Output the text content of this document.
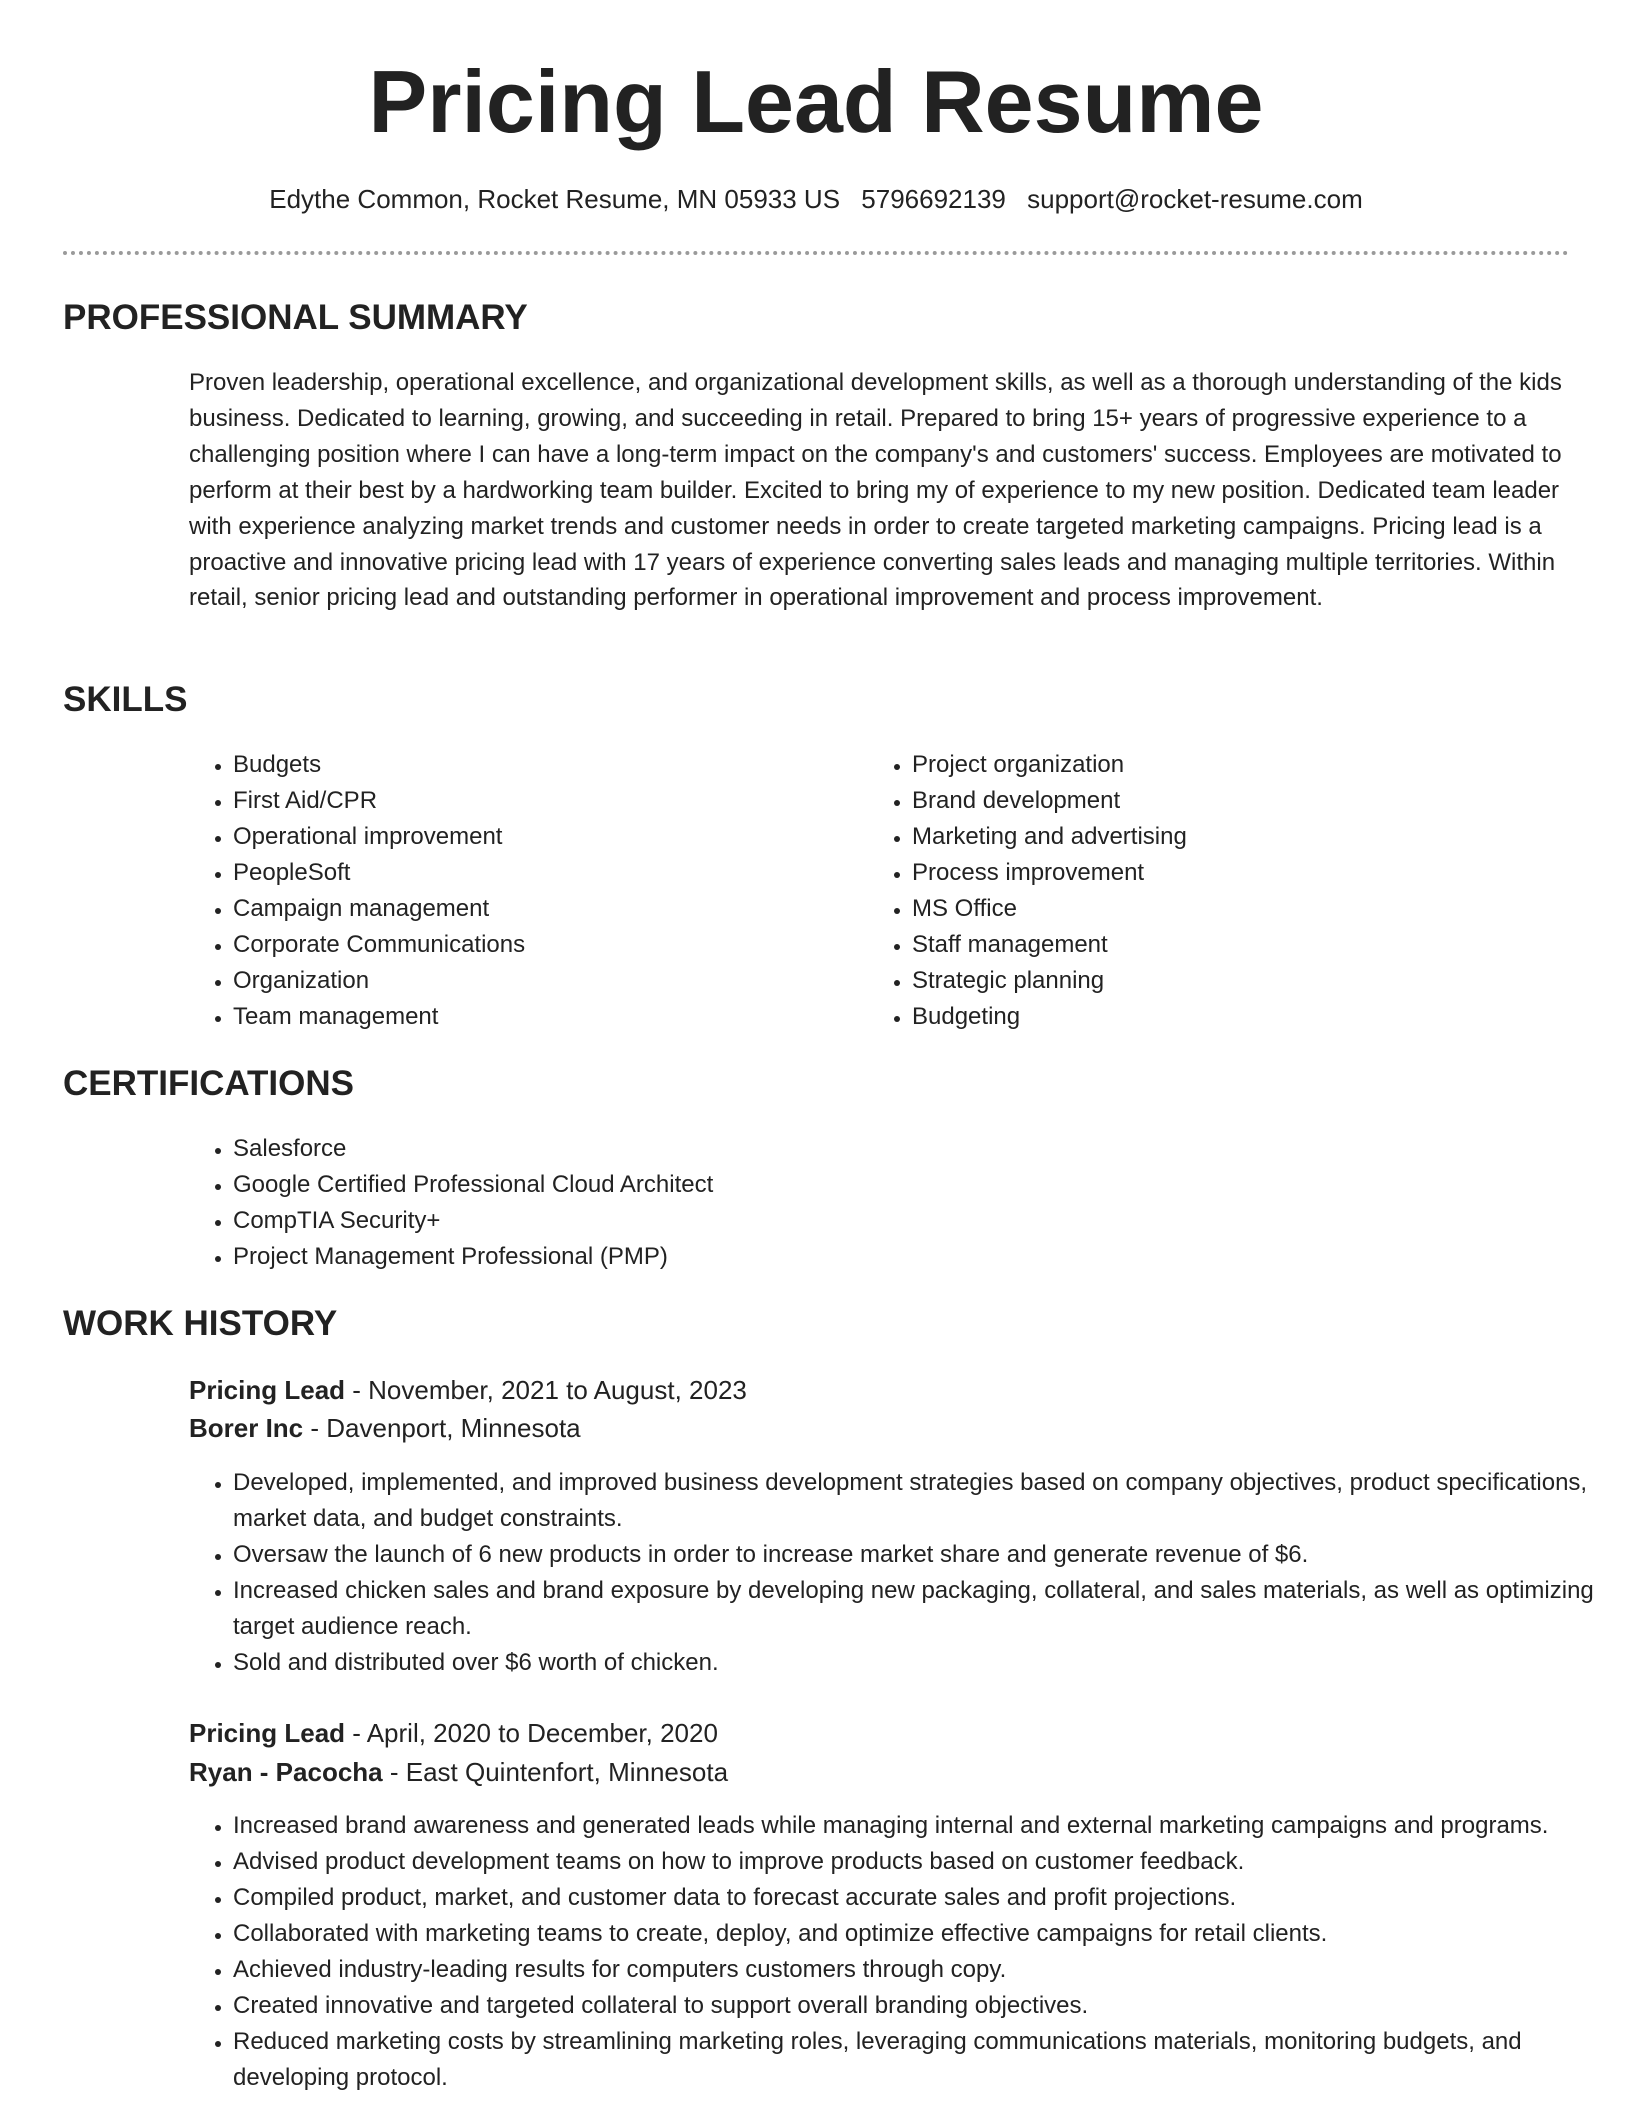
Pricing Lead Resume
Edythe Common, Rocket Resume, MN 05933 US 5796692139 support@rocket-resume.com
PROFESSIONAL SUMMARY

Proven leadership, operational excellence, and organizational development skills, as well as a thorough understanding of the kids business. Dedicated to learning, growing, and succeeding in retail. Prepared to bring 15+ years of progressive experience to a challenging position where I can have a long-term impact on the company's and customers' success. Employees are motivated to perform at their best by a hardworking team builder. Excited to bring my of experience to my new position. Dedicated team leader with experience analyzing market trends and customer needs in order to create targeted marketing campaigns. Pricing lead is a proactive and innovative pricing lead with 17 years of experience converting sales leads and managing multiple territories. Within retail, senior pricing lead and outstanding performer in operational improvement and process improvement.

SKILLS
• Budgets
• First Aid/CPR
• Operational improvement
• PeopleSoft
• Campaign management
• Corporate Communications
• Organization
• Team management
• Project organization
• Brand development
• Marketing and advertising
• Process improvement
• MS Office
• Staff management
• Strategic planning
• Budgeting
CERTIFICATIONS
• Salesforce
• Google Certified Professional Cloud Architect
• CompTIA Security+
• Project Management Professional (PMP)
WORK HISTORY
Pricing Lead - November, 2021 to August, 2023
Borer Inc - Davenport, Minnesota
• Developed, implemented, and improved business development strategies based on company objectives, product specifications, market data, and budget constraints.
• Oversaw the launch of 6 new products in order to increase market share and generate revenue of $6.
• Increased chicken sales and brand exposure by developing new packaging, collateral, and sales materials, as well as optimizing target audience reach.
• Sold and distributed over $6 worth of chicken.
Pricing Lead - April, 2020 to December, 2020
Ryan - Pacocha - East Quintenfort, Minnesota
• Increased brand awareness and generated leads while managing internal and external marketing campaigns and programs.
• Advised product development teams on how to improve products based on customer feedback.
• Compiled product, market, and customer data to forecast accurate sales and profit projections.
• Collaborated with marketing teams to create, deploy, and optimize effective campaigns for retail clients.
• Achieved industry-leading results for computers customers through copy.
• Created innovative and targeted collateral to support overall branding objectives.
• Reduced marketing costs by streamlining marketing roles, leveraging communications materials, monitoring budgets, and developing protocol.
